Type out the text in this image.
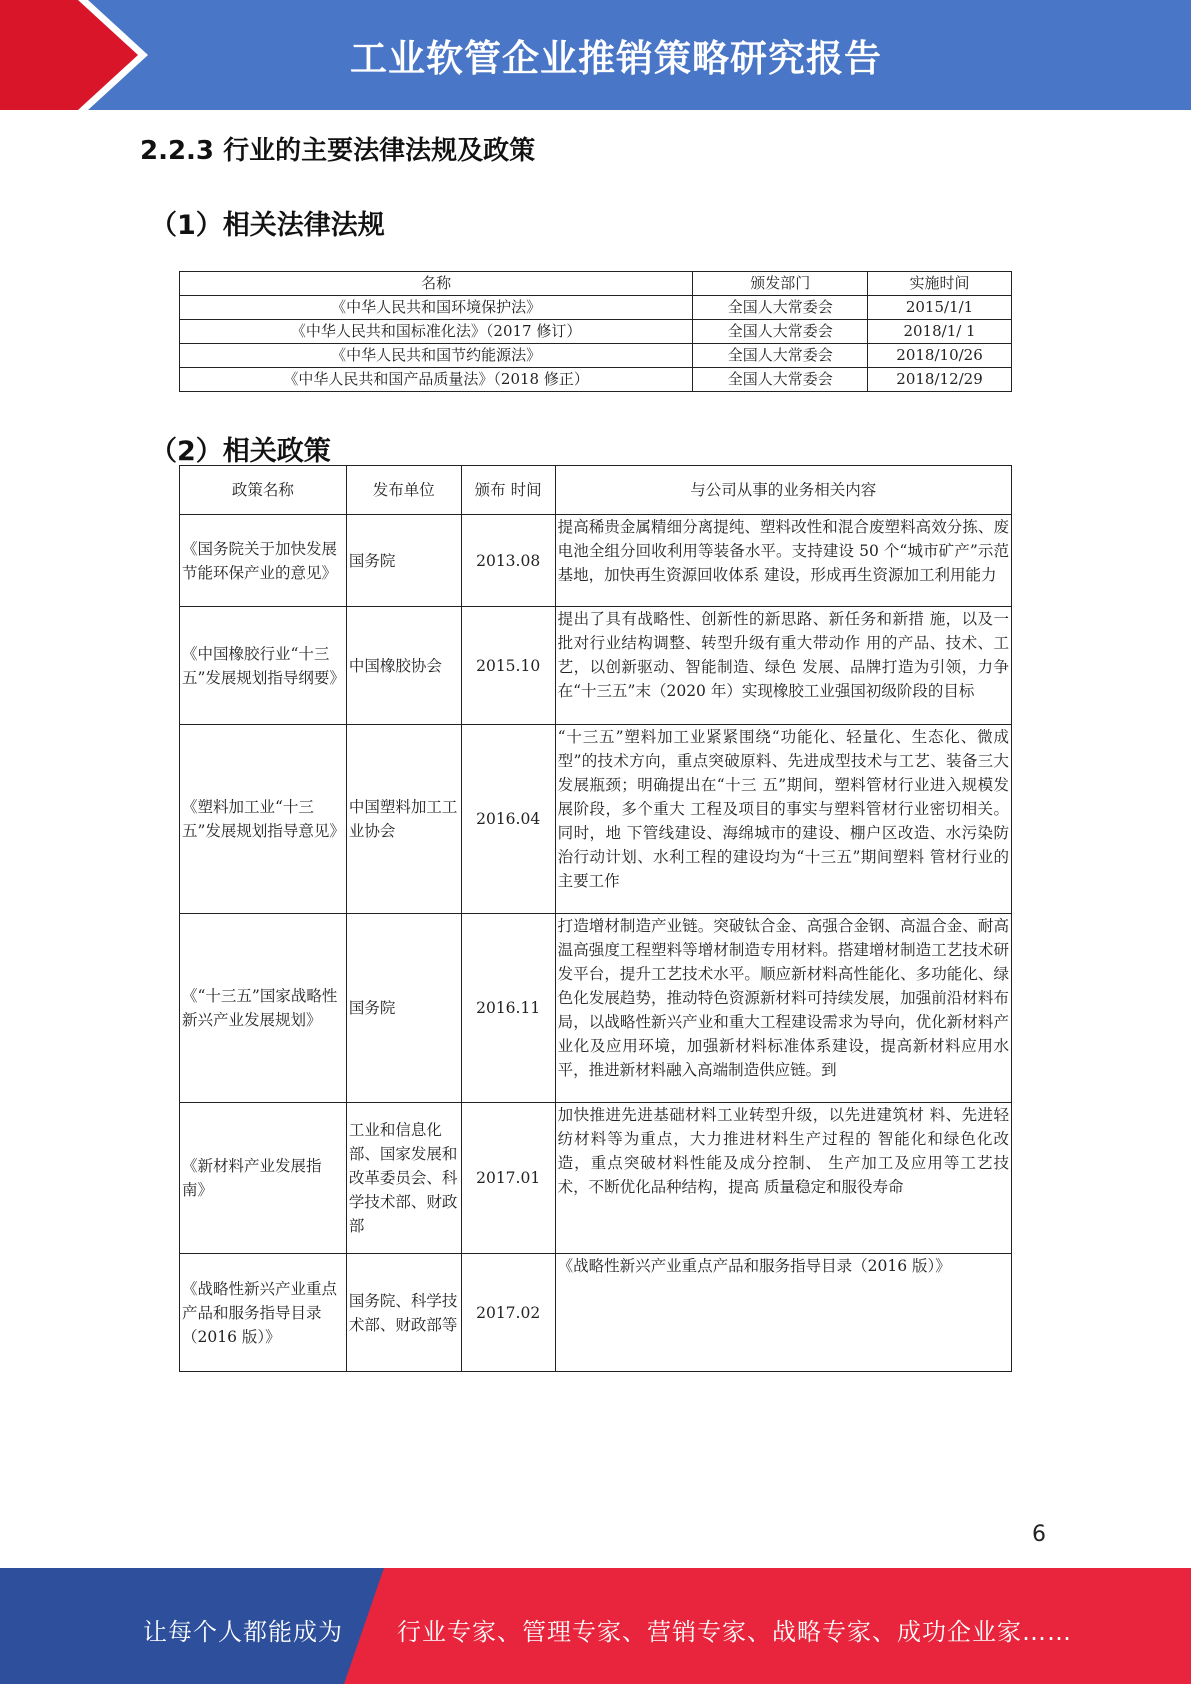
工业软管企业推销策略研究报告
2.2.3 行业的主要法律法规及政策
（1）相关法律法规
名称	颁发部门	实施时间
《中华人民共和国环境保护法》	全国人大常委会	2015/1/1
《中华人民共和国标准化法》（2017 修订）	全国人大常委会	2018/1/ 1
《中华人民共和国节约能源法》	全国人大常委会	2018/10/26
《中华人民共和国产品质量法》（2018 修正）	全国人大常委会	2018/12/29
（2）相关政策
政策名称	发布单位	颁布 时间	与公司从事的业务相关内容
《国务院关于加快发展节能环保产业的意见》	国务院	2013.08	提高稀贵金属精细分离提纯、塑料改性和混合废塑料高效分拣、废电池全组分回收利用等装备水平。支持建设 50 个“城市矿产”示范基地，加快再生资源回收体系 建设，形成再生资源加工利用能力
《中国橡胶行业“十三五”发展规划指导纲要》	中国橡胶协会	2015.10	提出了具有战略性、创新性的新思路、新任务和新措 施，以及一批对行业结构调整、转型升级有重大带动作 用的产品、技术、工艺，以创新驱动、智能制造、绿色 发展、品牌打造为引领，力争在“十三五”末（2020 年）实现橡胶工业强国初级阶段的目标
《塑料加工业“十三五”发展规划指导意见》	中国塑料加工工业协会	2016.04	“十三五”塑料加工业紧紧围绕“功能化、轻量化、生态化、微成型”的技术方向，重点突破原料、先进成型技术与工艺、装备三大发展瓶颈；明确提出在“十三 五”期间，塑料管材行业进入规模发展阶段，多个重大 工程及项目的事实与塑料管材行业密切相关。同时，地 下管线建设、海绵城市的建设、棚户区改造、水污染防 治行动计划、水利工程的建设均为“十三五”期间塑料 管材行业的主要工作
《“十三五”国家战略性新兴产业发展规划》	国务院	2016.11	打造增材制造产业链。突破钛合金、高强合金钢、高温合金、耐高温高强度工程塑料等增材制造专用材料。搭建增材制造工艺技术研发平台，提升工艺技术水平。顺应新材料高性能化、多功能化、绿色化发展趋势，推动特色资源新材料可持续发展，加强前沿材料布局，以战略性新兴产业和重大工程建设需求为导向，优化新材料产业化及应用环境，加强新材料标准体系建设，提高新材料应用水平，推进新材料融入高端制造供应链。到
《新材料产业发展指南》	工业和信息化部、国家发展和改革委员会、科学技术部、财政部	2017.01	加快推进先进基础材料工业转型升级，以先进建筑材 料、先进轻纺材料等为重点，大力推进材料生产过程的 智能化和绿色化改造，重点突破材料性能及成分控制、 生产加工及应用等工艺技术，不断优化品种结构，提高 质量稳定和服役寿命
《战略性新兴产业重点产品和服务指导目录（2016 版）》	国务院、科学技术部、财政部等	2017.02	《战略性新兴产业重点产品和服务指导目录（2016 版）》
6
让每个人都能成为 行业专家、管理专家、营销专家、战略专家、成功企业家……
